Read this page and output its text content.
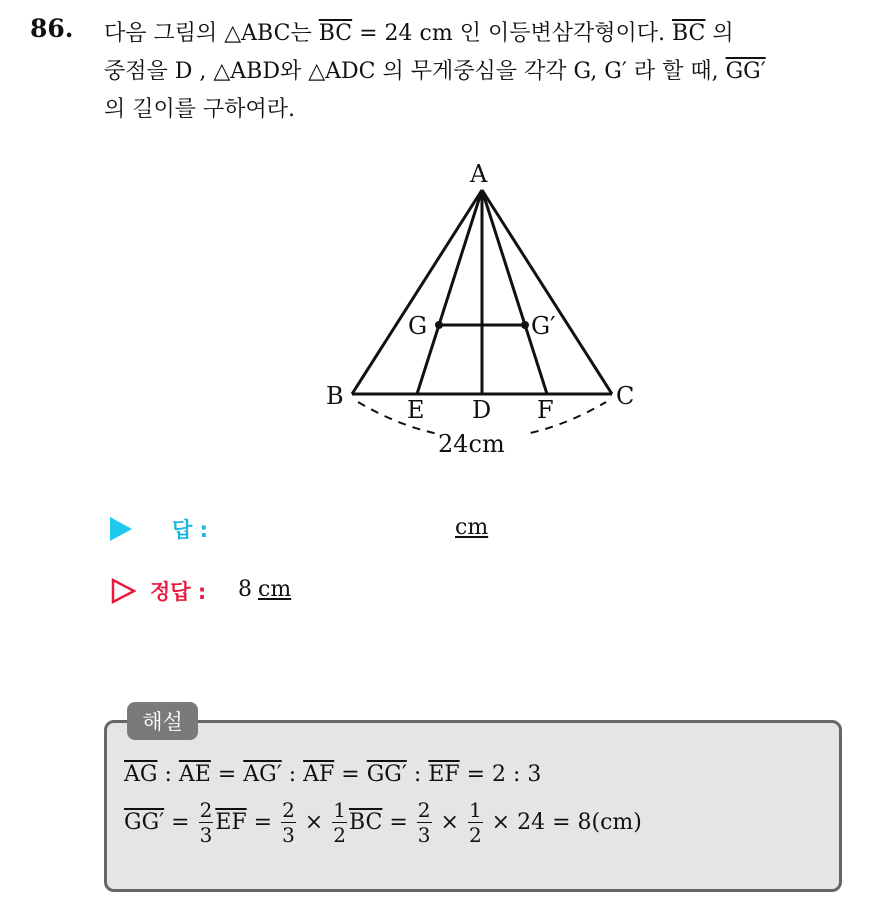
86. 다음 그림의 △ABC는 $\overline{BC} = 24$ cm 인 이등변삼각형이다. $\overline{BC}$ 의
중점을 D , △ABD와 △ADC 의 무게중심을 각각 G, G′ 라 할 때, GG′
의 길이를 구하여라.
A
B	C
D
E	F
G	G′
24cm
답 :	cm
정답 : 8 cm
해설
$\overline{AG}$ : $\overline{AE} = AG'$ : $\overline{AF} = GG'$ : $\overline{EF} = 2$ : 3
$GG' = \frac{2}{3} \overline{EF} = \frac{2}{3} \times \frac{1}{2} \overline{BC} = \frac{2}{3} \times \frac{1}{2} \times 24 = 8(cm)$
